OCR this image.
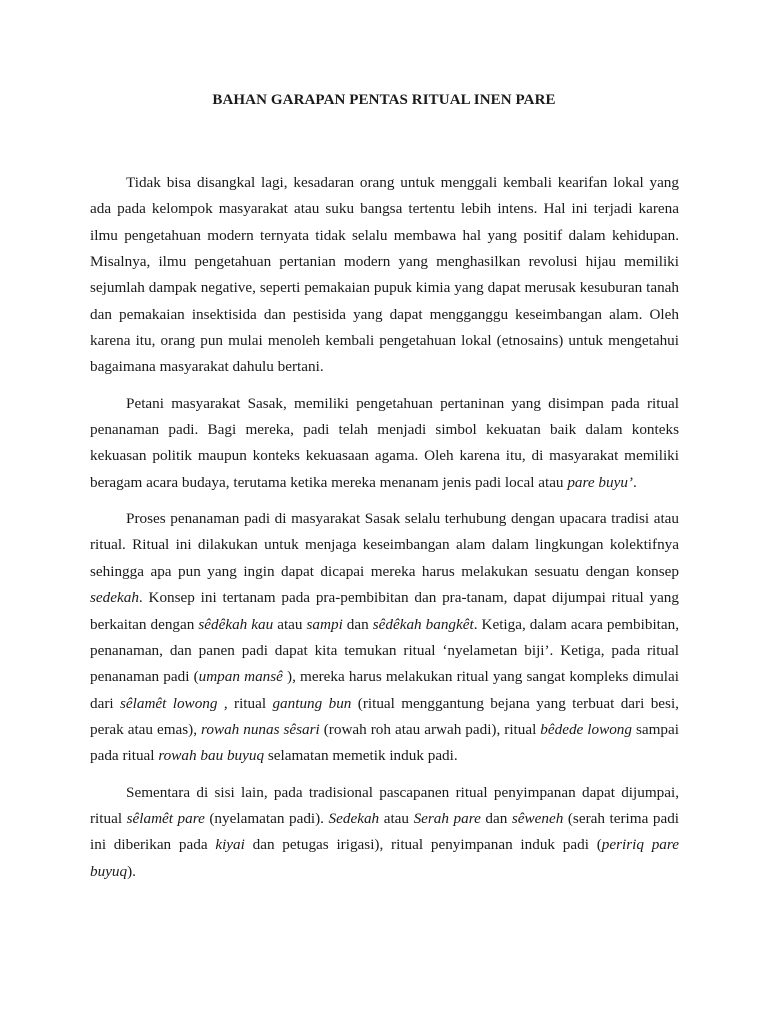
BAHAN GARAPAN PENTAS RITUAL INEN PARE

Tidak bisa disangkal lagi, kesadaran orang untuk menggali kembali kearifan lokal yang ada pada kelompok masyarakat atau suku bangsa tertentu lebih intens. Hal ini terjadi karena ilmu pengetahuan modern ternyata tidak selalu membawa hal yang positif dalam kehidupan. Misalnya, ilmu pengetahuan pertanian modern yang menghasilkan revolusi hijau memiliki sejumlah dampak negative, seperti pemakaian pupuk kimia yang dapat merusak kesuburan tanah dan pemakaian insektisida dan pestisida yang dapat mengganggu keseimbangan alam. Oleh karena itu, orang pun mulai menoleh kembali pengetahuan lokal (etnosains) untuk mengetahui bagaimana masyarakat dahulu bertani.

Petani masyarakat Sasak, memiliki pengetahuan pertaninan yang disimpan pada ritual penanaman padi. Bagi mereka, padi telah menjadi simbol kekuatan baik dalam konteks kekuasan politik maupun konteks kekuasaan agama. Oleh karena itu, di masyarakat memiliki beragam acara budaya, terutama ketika mereka menanam jenis padi local atau pare buyu’.

Proses penanaman padi di masyarakat Sasak selalu terhubung dengan upacara tradisi atau ritual. Ritual ini dilakukan untuk menjaga keseimbangan alam dalam lingkungan kolektifnya sehingga apa pun yang ingin dapat dicapai mereka harus melakukan sesuatu dengan konsep sedekah. Konsep ini tertanam pada pra-pembibitan dan pra-tanam, dapat dijumpai ritual yang berkaitan dengan sêdêkah kau atau sampi dan sêdêkah bangkêt. Ketiga, dalam acara pembibitan, penanaman, dan panen padi dapat kita temukan ritual ‘nyelametan biji’. Ketiga, pada ritual penanaman padi (umpan mansê ), mereka harus melakukan ritual yang sangat kompleks dimulai dari sêlamêt lowong , ritual gantung bun (ritual menggantung bejana yang terbuat dari besi, perak atau emas), rowah nunas sêsari (rowah roh atau arwah padi), ritual bêdede lowong sampai pada ritual rowah bau buyuq selamatan memetik induk padi.

Sementara di sisi lain, pada tradisional pascapanen ritual penyimpanan dapat dijumpai, ritual sêlamêt pare (nyelamatan padi). Sedekah atau Serah pare dan sêweneh (serah terima padi ini diberikan pada kiyai dan petugas irigasi), ritual penyimpanan induk padi (peririq pare buyuq).
